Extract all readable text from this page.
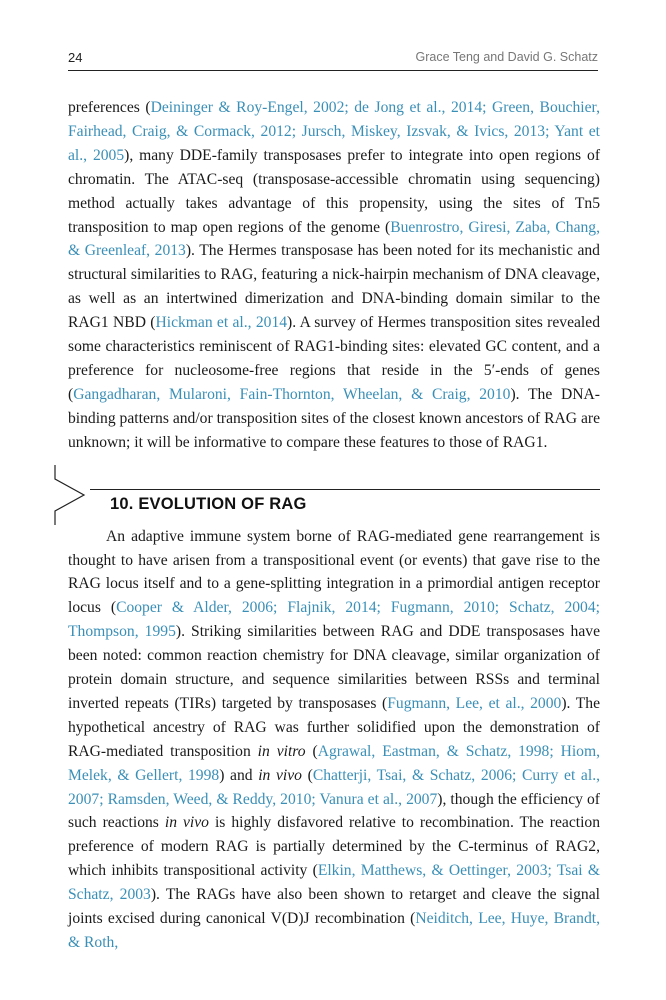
24	Grace Teng and David G. Schatz

preferences (Deininger & Roy-Engel, 2002; de Jong et al., 2014; Green, Bouchier, Fairhead, Craig, & Cormack, 2012; Jursch, Miskey, Izsvak, & Ivics, 2013; Yant et al., 2005), many DDE-family transposases prefer to integrate into open regions of chromatin. The ATAC-seq (transposase-accessible chromatin using sequencing) method actually takes advantage of this propensity, using the sites of Tn5 transposition to map open regions of the genome (Buenrostro, Giresi, Zaba, Chang, & Greenleaf, 2013). The Hermes transposase has been noted for its mechanistic and structural similarities to RAG, featuring a nick-hairpin mechanism of DNA cleavage, as well as an intertwined dimerization and DNA-binding domain similar to the RAG1 NBD (Hickman et al., 2014). A survey of Hermes transposition sites revealed some characteristics reminiscent of RAG1-binding sites: elevated GC content, and a preference for nucleosome-free regions that reside in the 5′-ends of genes (Gangadharan, Mularoni, Fain-Thornton, Wheelan, & Craig, 2010). The DNA-binding patterns and/or transposition sites of the closest known ancestors of RAG are unknown; it will be informative to compare these features to those of RAG1.

10. EVOLUTION OF RAG

An adaptive immune system borne of RAG-mediated gene rearrangement is thought to have arisen from a transpositional event (or events) that gave rise to the RAG locus itself and to a gene-splitting integration in a primordial antigen receptor locus (Cooper & Alder, 2006; Flajnik, 2014; Fugmann, 2010; Schatz, 2004; Thompson, 1995). Striking similarities between RAG and DDE transposases have been noted: common reaction chemistry for DNA cleavage, similar organization of protein domain structure, and sequence similarities between RSSs and terminal inverted repeats (TIRs) targeted by transposases (Fugmann, Lee, et al., 2000). The hypothetical ancestry of RAG was further solidified upon the demonstration of RAG-mediated transposition in vitro (Agrawal, Eastman, & Schatz, 1998; Hiom, Melek, & Gellert, 1998) and in vivo (Chatterji, Tsai, & Schatz, 2006; Curry et al., 2007; Ramsden, Weed, & Reddy, 2010; Vanura et al., 2007), though the efficiency of such reactions in vivo is highly disfavored relative to recombination. The reaction preference of modern RAG is partially determined by the C-terminus of RAG2, which inhibits transpositional activity (Elkin, Matthews, & Oettinger, 2003; Tsai & Schatz, 2003). The RAGs have also been shown to retarget and cleave the signal joints excised during canonical V(D)J recombination (Neiditch, Lee, Huye, Brandt, & Roth,
